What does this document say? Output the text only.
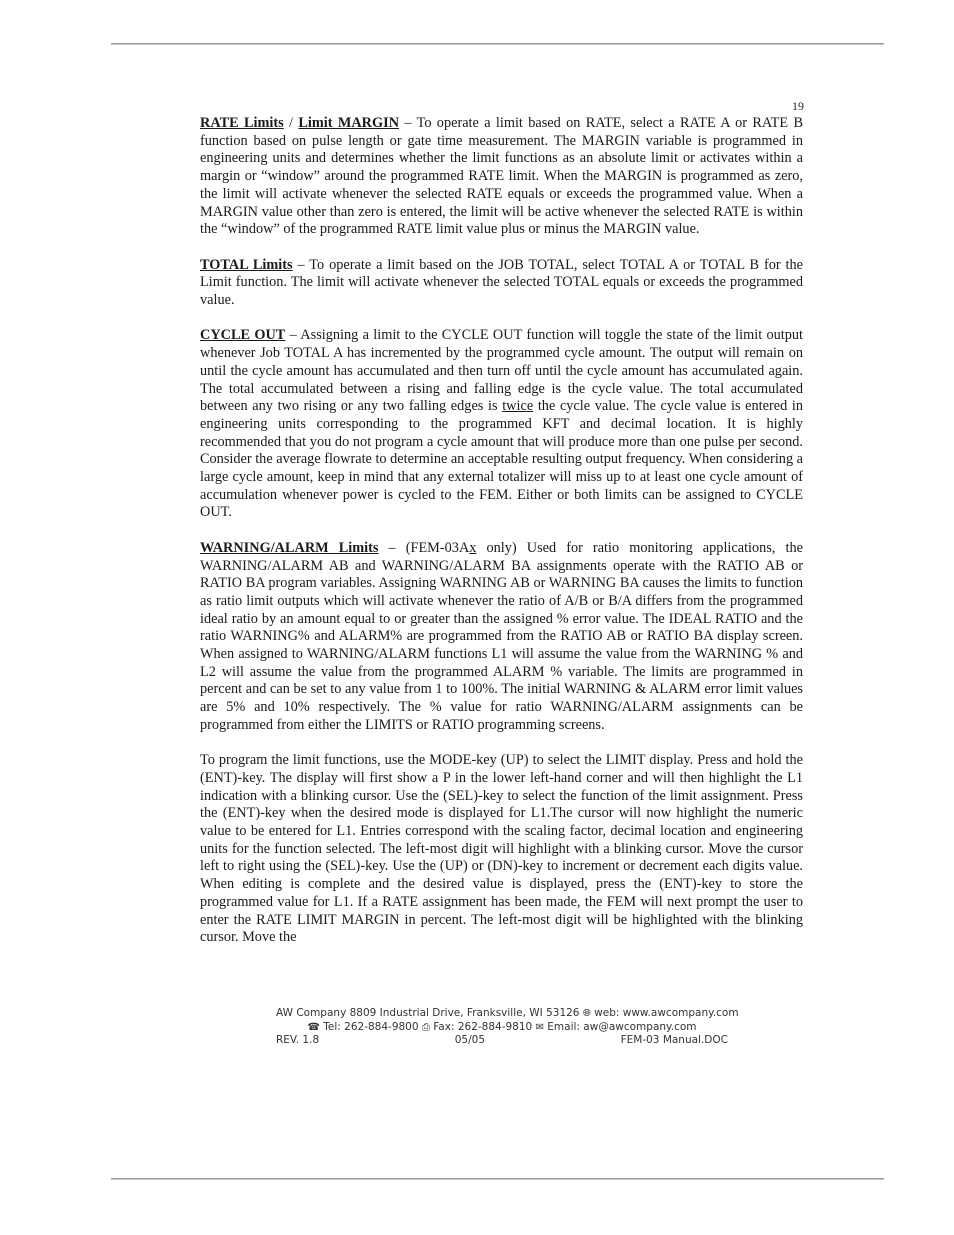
19

RATE Limits / Limit MARGIN – To operate a limit based on RATE, select a RATE A or RATE B function based on pulse length or gate time measurement. The MARGIN variable is programmed in engineering units and determines whether the limit functions as an absolute limit or activates within a margin or “window” around the programmed RATE limit. When the MARGIN is programmed as zero, the limit will activate whenever the selected RATE equals or exceeds the programmed value. When a MARGIN value other than zero is entered, the limit will be active whenever the selected RATE is within the “window” of the programmed RATE limit value plus or minus the MARGIN value.

TOTAL Limits – To operate a limit based on the JOB TOTAL, select TOTAL A or TOTAL B for the Limit function. The limit will activate whenever the selected TOTAL equals or exceeds the programmed value.

CYCLE OUT – Assigning a limit to the CYCLE OUT function will toggle the state of the limit output whenever Job TOTAL A has incremented by the programmed cycle amount. The output will remain on until the cycle amount has accumulated and then turn off until the cycle amount has accumulated again. The total accumulated between a rising and falling edge is the cycle value. The total accumulated between any two rising or any two falling edges is twice the cycle value. The cycle value is entered in engineering units corresponding to the programmed KFT and decimal location. It is highly recommended that you do not program a cycle amount that will produce more than one pulse per second. Consider the average flowrate to determine an acceptable resulting output frequency. When considering a large cycle amount, keep in mind that any external totalizer will miss up to at least one cycle amount of accumulation whenever power is cycled to the FEM. Either or both limits can be assigned to CYCLE OUT.

WARNING/ALARM Limits – (FEM-03Ax only) Used for ratio monitoring applications, the WARNING/ALARM AB and WARNING/ALARM BA assignments operate with the RATIO AB or RATIO BA program variables. Assigning WARNING AB or WARNING BA causes the limits to function as ratio limit outputs which will activate whenever the ratio of A/B or B/A differs from the programmed ideal ratio by an amount equal to or greater than the assigned % error value. The IDEAL RATIO and the ratio WARNING% and ALARM% are programmed from the RATIO AB or RATIO BA display screen. When assigned to WARNING/ALARM functions L1 will assume the value from the WARNING % and L2 will assume the value from the programmed ALARM % variable. The limits are programmed in percent and can be set to any value from 1 to 100%. The initial WARNING & ALARM error limit values are 5% and 10% respectively. The % value for ratio WARNING/ALARM assignments can be programmed from either the LIMITS or RATIO programming screens.

To program the limit functions, use the MODE-key (UP) to select the LIMIT display. Press and hold the (ENT)-key. The display will first show a P in the lower left-hand corner and will then highlight the L1 indication with a blinking cursor. Use the (SEL)-key to select the function of the limit assignment. Press the (ENT)-key when the desired mode is displayed for L1.The cursor will now highlight the numeric value to be entered for L1. Entries correspond with the scaling factor, decimal location and engineering units for the function selected. The left-most digit will highlight with a blinking cursor. Move the cursor left to right using the (SEL)-key. Use the (UP) or (DN)-key to increment or decrement each digits value. When editing is complete and the desired value is displayed, press the (ENT)-key to store the programmed value for L1. If a RATE assignment has been made, the FEM will next prompt the user to enter the RATE LIMIT MARGIN in percent. The left-most digit will be highlighted with the blinking cursor. Move the

AW Company 8809 Industrial Drive, Franksville, WI 53126 🌐︎ web: www.awcompany.com
☎ Tel: 262-884-9800 ⎙ Fax: 262-884-9810 ✉ Email: aw@awcompany.com
REV. 1.8	05/05	FEM-03 Manual.DOC
